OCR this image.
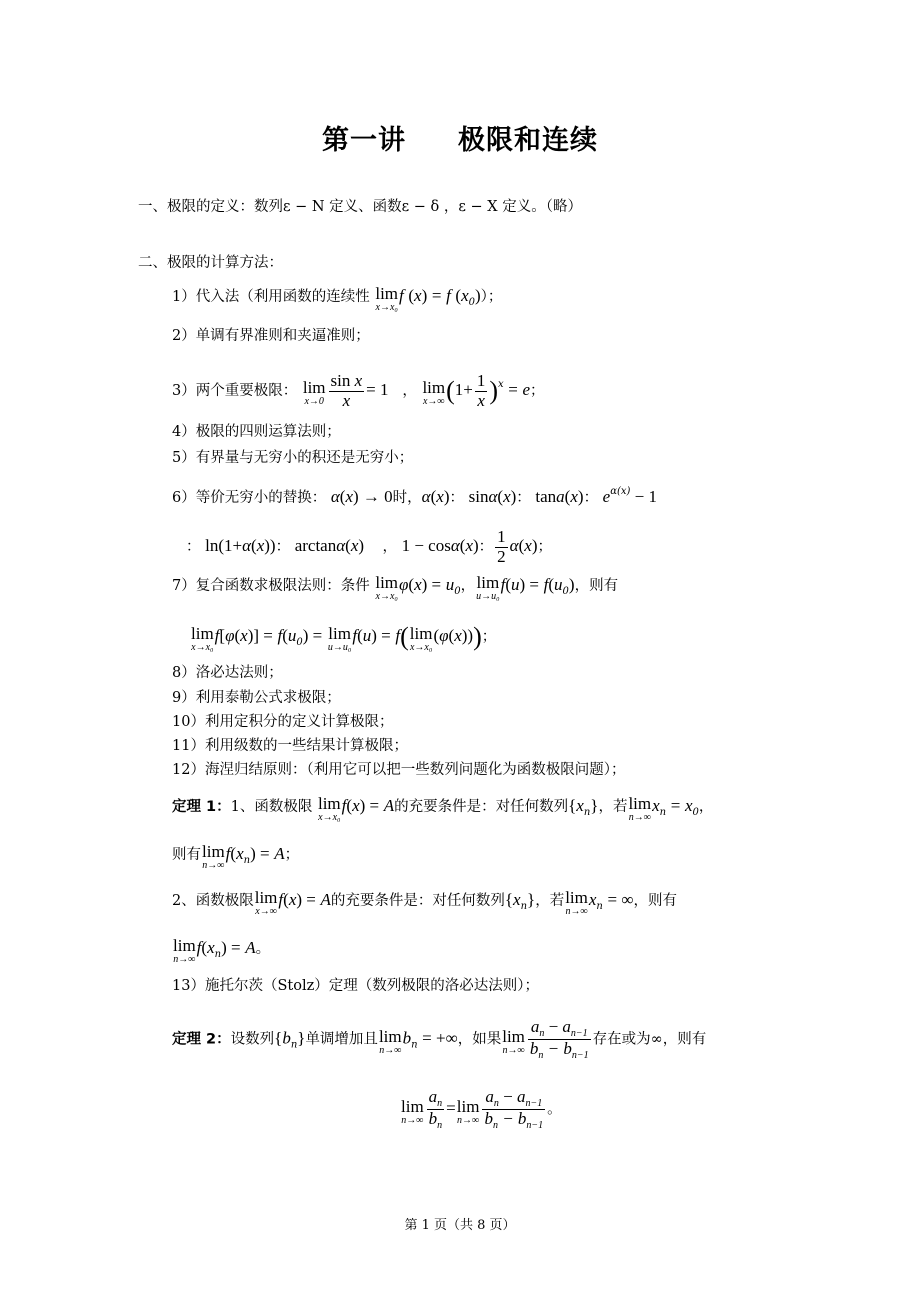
第一讲 极限和连续
一、极限的定义：数列ε − N 定义、函数ε − δ ，ε − X 定义。（略）
二、极限的计算方法：
1）代入法（利用函数的连续性 lim
x→x₀
f (x) = f $(x_0)$）；
2）单调有界准则和夹逼准则；
3）两个重要极限： lim
$x\to 0 \frac{\text{sin x}}{x} = 1$   ， lim
x→∞ $(1+ \frac{1}{x} )^x = e$；
4）极限的四则运算法则；
5）有界量与无穷小的积还是无穷小；
6）等价无穷小的替换： α(x) → 0时，α(x)： sinα(x)： tana(x)： $e^{\alpha(x)} - 1$
： ln(1+α(x))： arctanα(x)    ， 1 − cosα(x)： $\frac{1}{2} \alpha(x)$；
7）复合函数求极限法则：条件 lim
x→x₀
$\varphi(x) = u_0$， lim
u→u₀
$f(u) = f(u_0)$，则有
lim
x→x₀
$f[\varphi(x)] = f(u_0) = \lim$
u→u₀
f(u) = f( lim
x→x₀
(φ(x)))；
8）洛必达法则；
9）利用泰勒公式求极限；
10）利用定积分的定义计算极限；
11）利用级数的一些结果计算极限；
12）海涅归结原则：（利用它可以把一些数列问题化为函数极限问题）；
定理 1：1、函数极限 lim
x→x₀
f(x) = A的充要条件是：对任何数列$\{x_n\}$，若 lim
n→∞
$x_n = x_0$，
则有 lim
n→∞
$f(x_n) = A$；
2、函数极限 lim
x→∞
f(x) = A的充要条件是：对任何数列$\{x_n\}$，若 lim
n→∞
$x_n$ = ∞，则有
lim
n→∞
$f(x_n) = A$。
13）施托尔茨（Stolz）定理（数列极限的洛必达法则）；
定理 2：设数列$\{b_n\}$单调增加且 lim
n→∞
$b_n$ = +∞，如果 lim
$n\to\infty \frac{a_n - a_{n-1}}{b_n - b_{n-1}}$ 存在或为∞，则有
lim
$n\to\infty \frac{a_n}{b_n} = \lim$
$n\to\infty \frac{a_n - a_{n-1}}{b_n - b_{n-1}}$ 。
第 1 页（共 8 页）
